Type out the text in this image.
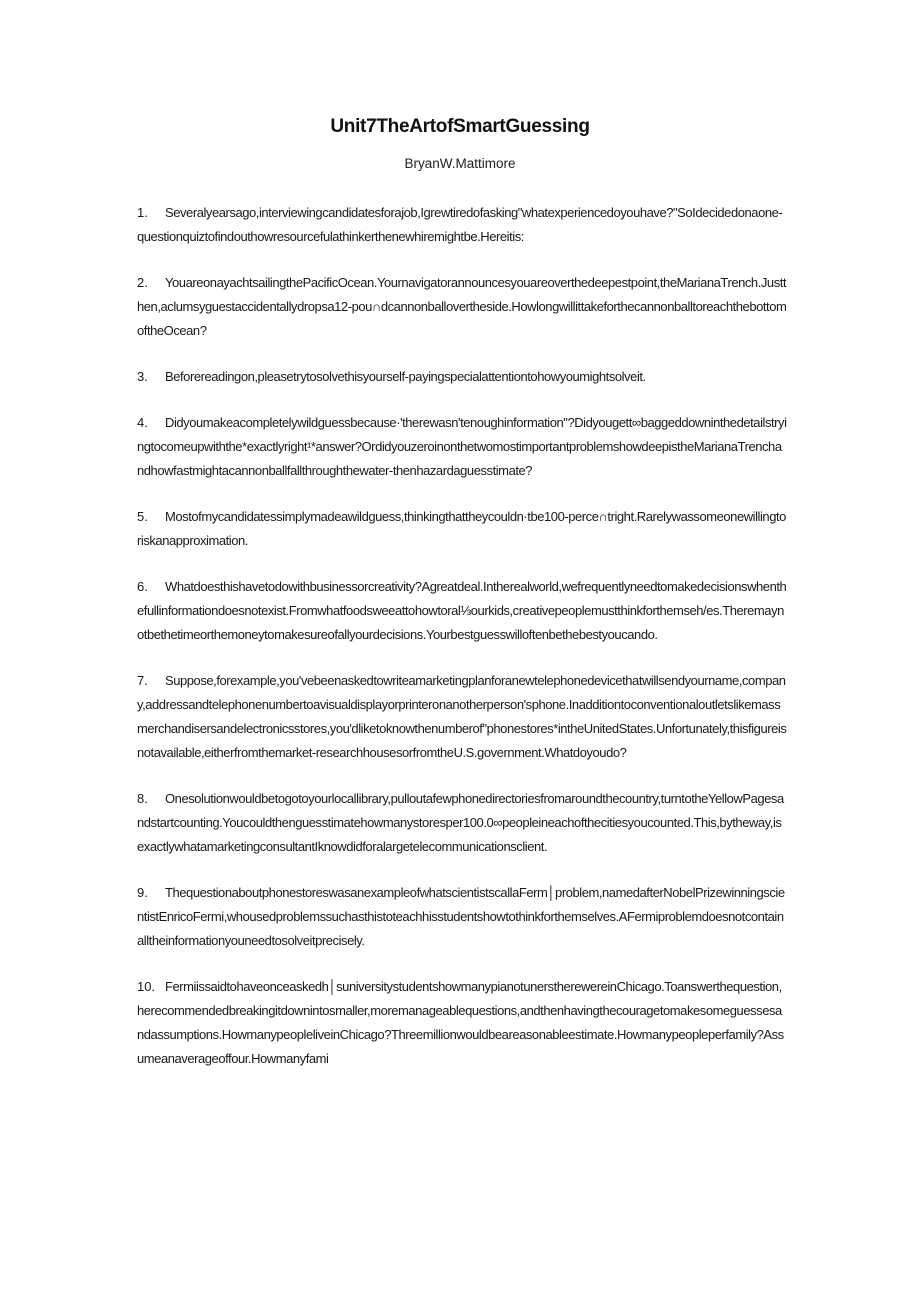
Unit7TheArtofSmartGuessing
BryanW.Mattimore
1. Severalyearsago,interviewingcandidatesforajob,Igrewtiredofasking"whatexperiencedoyouhave?"SoIdecidedonaone-questionquiztofindouthowresourcefulathinkerthenewhiremightbe.Hereitis:
2. YouareonayachtsailingthePacificOcean.Yournavigatorannouncesyouareoverthedeepestpoint,theMarianaTrench.Justthen,aclumsyguestaccidentallydropsa12-pou∩dcannonballovertheside.HowlongwillittakeforthecannonballtoreachthebottomoftheOcean?
3. Beforereadingon,pleasetrytosolvethisyourself-payingspecialattentiontohowyoumightsolveit.
4. Didyoumakeacompletelywildguessbecause·'therewasn'tenoughinformation"?Didyougett∞baggeddowninthedetailstryingtocomeupwiththe*exactlyright¹*answer?OrdidyouzeroinonthetwomostimportantproblemshowdeepistheMarianaTrenchandhowfastmightacannonballfallthroughthewater-thenhazardaguesstimate?
5. Mostofmycandidatessimplymadeawildguess,thinkingthattheycouldn·tbe100-perce∩tright.Rarelywassomeonewillingtoriskanapproximation.
6. Whatdoesthishavetodowithbusinessorcreativity?Agreatdeal.Intherealworld,wefrequentlyneedtomakedecisionswhenthefullinformationdoesnotexist.Fromwhatfoodsweeattohowtoral⅓ourkids,creativepeoplemustthinkforthemseh/es.Theremaynotbethetimeorthemoneytomakesureofallyourdecisions.Yourbestguesswilloftenbethebestyoucando.
7. Suppose,forexample,you'vebeenaskedtowriteamarketingplanforanewtelephonedevicethatwillsendyourname,company,addressandtelephonenumbertoavisualdisplayorprinteronanotherperson'sphone.Inadditiontoconventionaloutletslikemassmerchandisersandelectronicsstores,you'dliketoknowthenumberof"phonestores*intheUnitedStates.Unfortunately,thisfigureisnotavailable,eitherfromthemarket-researchhousesorfromtheU.S.government.Whatdoyoudo?
8. Onesolutionwouldbetogotoyourlocallibrary,pulloutafewphonedirectoriesfromaroundthecountry,turntotheYellowPagesandstartcounting.Youcouldthenguesstimatehowmanystoresper100.0∞peopleineachofthecitiesyoucounted.This,bytheway,isexactlywhatamarketingconsultantIknowdidforalargetelecommunicationsclient.
9. ThequestionaboutphonestoreswasanexampleofwhatscientistscallaFerm│problem,namedafterNobelPrizewinningscientistEnricoFermi,whousedproblemssuchasthistoteachhisstudentshowtothinkforthemselves.AFermiproblemdoesnotcontainalltheinformationyouneedtosolveitprecisely.
10. Fermiissaidtohaveonceaskedh│suniversitystudentshowmanypianotunerstherewereinChicago.Toanswerthequestion,herecommendedbreakingitdownintosmaller,moremanageablequestions,andthenhavingthecouragetomakesomeguessesandassumptions.HowmanypeopleliveinChicago?Threemillionwouldbeareasonableestimate.Howmanypeopleperfamily?Assumeanaverageoffour.Howmanyfami
